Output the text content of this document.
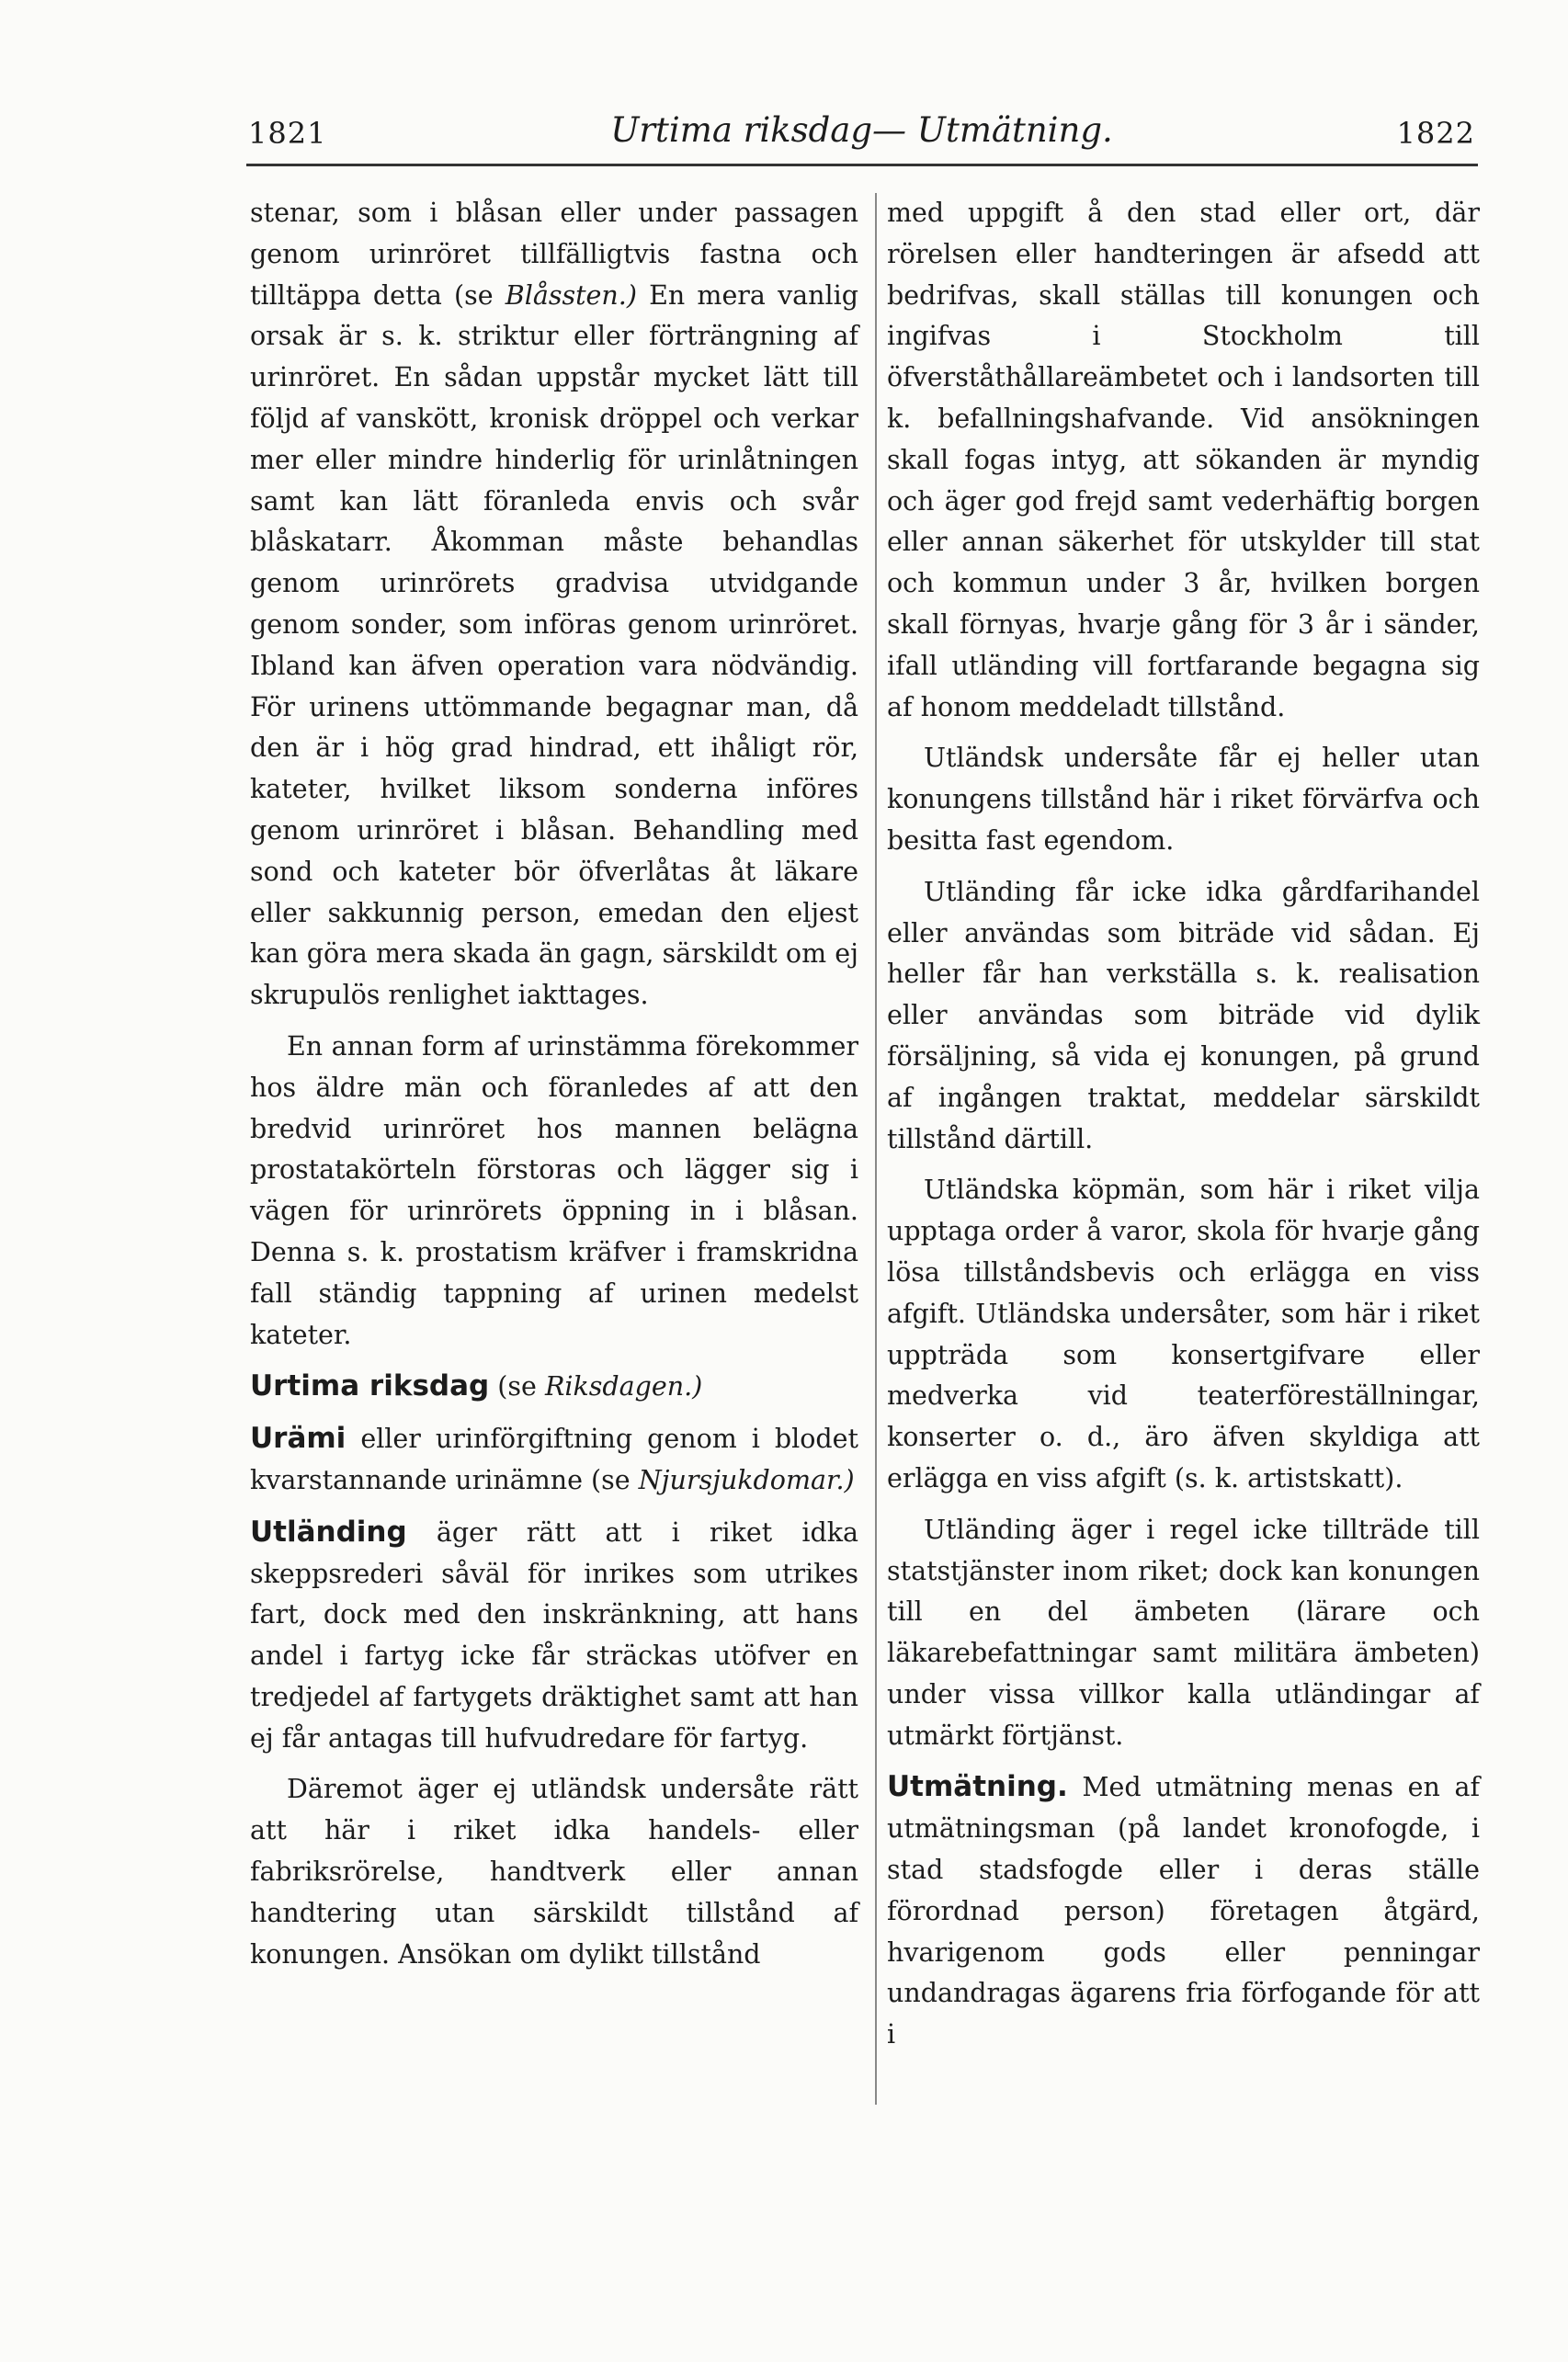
1821	Urtima riksdag— Utmätning.	1822

stenar, som i blåsan eller under passagen genom urinröret tillfälligtvis fastna och tilltäppa detta (se Blåssten.) En mera vanlig orsak är s. k. striktur eller förträngning af urinröret. En sådan uppstår mycket lätt till följd af vanskött, kronisk dröppel och verkar mer eller mindre hinderlig för urinlåtningen samt kan lätt föranleda envis och svår blåskatarr. Åkomman måste behandlas genom urinrörets gradvisa utvidgande genom sonder, som införas genom urinröret. Ibland kan äfven operation vara nödvändig. För urinens uttömmande begagnar man, då den är i hög grad hindrad, ett ihåligt rör, kateter, hvilket liksom sonderna införes genom urinröret i blåsan. Behandling med sond och kateter bör öfverlåtas åt läkare eller sakkunnig person, emedan den eljest kan göra mera skada än gagn, särskildt om ej skrupulös renlighet iakttages.

En annan form af urinstämma förekommer hos äldre män och föranledes af att den bredvid urinröret hos mannen belägna prostatakörteln förstoras och lägger sig i vägen för urinrörets öppning in i blåsan. Denna s. k. prostatism kräfver i framskridna fall ständig tappning af urinen medelst kateter.

Urtima riksdag (se Riksdagen.)

Urämi eller urinförgiftning genom i blodet kvarstannande urinämne (se Njursjukdomar.)

Utländing äger rätt att i riket idka skeppsrederi såväl för inrikes som utrikes fart, dock med den inskränkning, att hans andel i fartyg icke får sträckas utöfver en tredjedel af fartygets dräktighet samt att han ej får antagas till hufvudredare för fartyg.

Däremot äger ej utländsk undersåte rätt att här i riket idka handels- eller fabriksrörelse, handtverk eller annan handtering utan särskildt tillstånd af konungen. Ansökan om dylikt tillstånd

med uppgift å den stad eller ort, där rörelsen eller handteringen är afsedd att bedrifvas, skall ställas till konungen och ingifvas i Stockholm till öfverståthållareämbetet och i landsorten till k. befallningshafvande. Vid ansökningen skall fogas intyg, att sökanden är myndig och äger god frejd samt vederhäftig borgen eller annan säkerhet för utskylder till stat och kommun under 3 år, hvilken borgen skall förnyas, hvarje gång för 3 år i sänder, ifall utländing vill fortfarande begagna sig af honom meddeladt tillstånd.

Utländsk undersåte får ej heller utan konungens tillstånd här i riket förvärfva och besitta fast egendom.

Utländing får icke idka gårdfarihandel eller användas som biträde vid sådan. Ej heller får han verkställa s. k. realisation eller användas som biträde vid dylik försäljning, så vida ej konungen, på grund af ingången traktat, meddelar särskildt tillstånd därtill.

Utländska köpmän, som här i riket vilja upptaga order å varor, skola för hvarje gång lösa tillståndsbevis och erlägga en viss afgift. Utländska undersåter, som här i riket uppträda som konsertgifvare eller medverka vid teaterföreställningar, konserter o. d., äro äfven skyldiga att erlägga en viss afgift (s. k. artistskatt).

Utländing äger i regel icke tillträde till statstjänster inom riket; dock kan konungen till en del ämbeten (lärare och läkarebefattningar samt militära ämbeten) under vissa villkor kalla utländingar af utmärkt förtjänst.

Utmätning. Med utmätning menas en af utmätningsman (på landet kronofogde, i stad stadsfogde eller i deras ställe förordnad person) företagen åtgärd, hvarigenom gods eller penningar undandragas ägarens fria förfogande för att i
